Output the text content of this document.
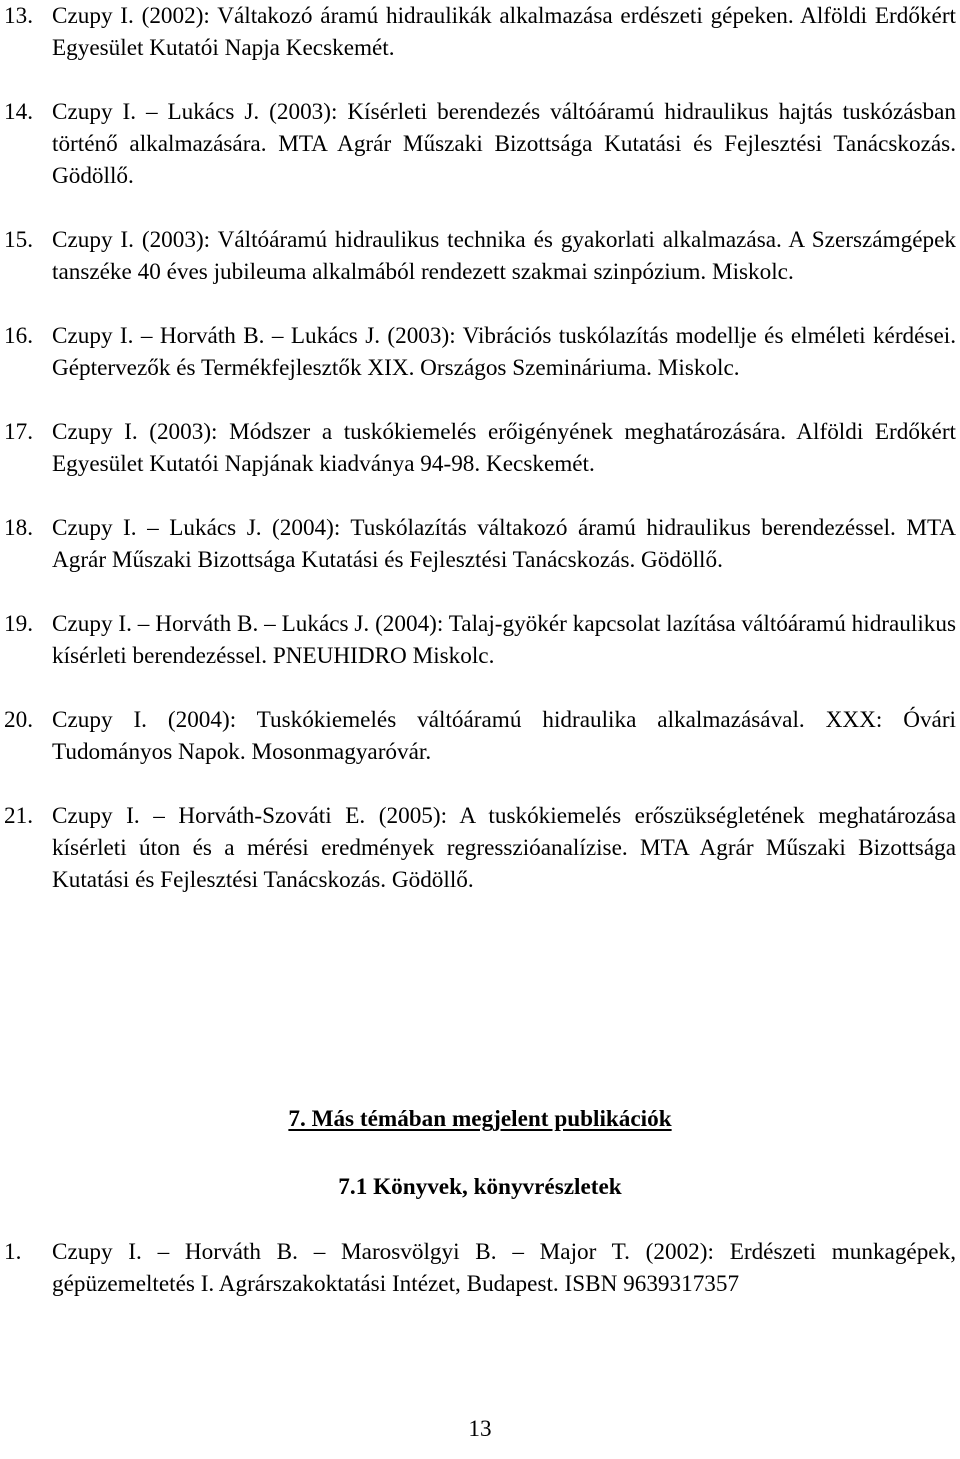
13. Czupy I. (2002): Váltakozó áramú hidraulikák alkalmazása erdészeti gépeken. Alföldi Erdőkért Egyesület Kutatói Napja Kecskemét.
14. Czupy I. – Lukács J. (2003): Kísérleti berendezés váltóáramú hidraulikus hajtás tuskózásban történő alkalmazására. MTA Agrár Műszaki Bizottsága Kutatási és Fejlesztési Tanácskozás. Gödöllő.
15. Czupy I. (2003): Váltóáramú hidraulikus technika és gyakorlati alkalmazása. A Szerszámgépek tanszéke 40 éves jubileuma alkalmából rendezett szakmai szinpózium. Miskolc.
16. Czupy I. – Horváth B. – Lukács J. (2003): Vibrációs tuskólazítás modellje és elméleti kérdései. Géptervezők és Termékfejlesztők XIX. Országos Szemináriuma. Miskolc.
17. Czupy I. (2003): Módszer a tuskókiemelés erőigényének meghatározására. Alföldi Erdőkért Egyesület Kutatói Napjának kiadványa 94-98. Kecskemét.
18. Czupy I. – Lukács J. (2004): Tuskólazítás váltakozó áramú hidraulikus berendezéssel. MTA Agrár Műszaki Bizottsága Kutatási és Fejlesztési Tanácskozás. Gödöllő.
19. Czupy I. – Horváth B. – Lukács J. (2004): Talaj-gyökér kapcsolat lazítása váltóáramú hidraulikus kísérleti berendezéssel. PNEUHIDRO Miskolc.
20. Czupy I. (2004): Tuskókiemelés váltóáramú hidraulika alkalmazásával. XXX: Óvári Tudományos Napok. Mosonmagyaróvár.
21. Czupy I. – Horváth-Szováti E. (2005): A tuskókiemelés erőszükségletének meghatározása kísérleti úton és a mérési eredmények regresszióanalízise. MTA Agrár Műszaki Bizottsága Kutatási és Fejlesztési Tanácskozás. Gödöllő.
7. Más témában megjelent publikációk
7.1 Könyvek, könyvrészletek
1.	Czupy I. – Horváth B. – Marosvölgyi B. – Major T. (2002): Erdészeti munkagépek, gépüzemeltetés I. Agrárszakoktatási Intézet, Budapest. ISBN 9639317357
13
